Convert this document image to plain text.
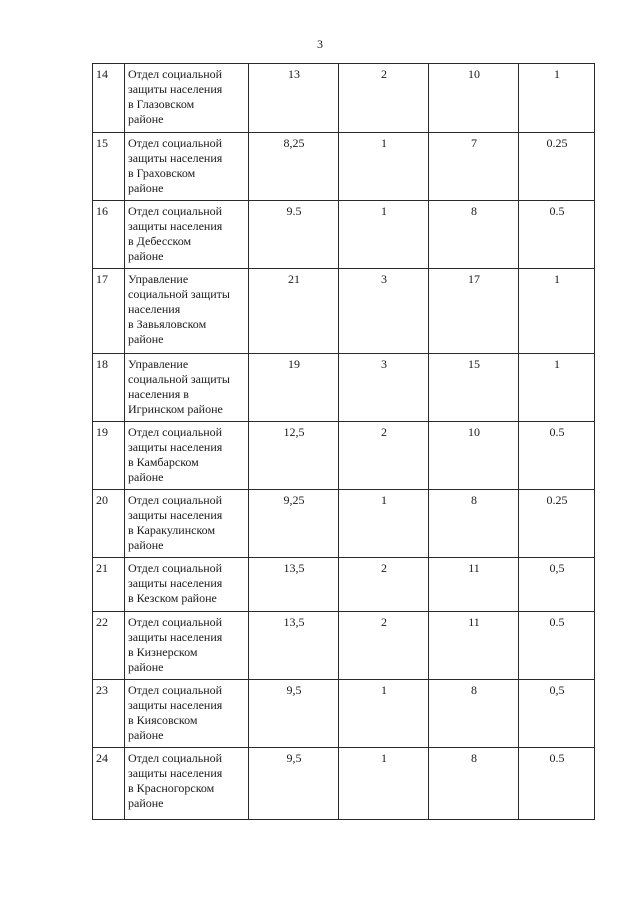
3
14	Отдел социальной
защиты населения
в Глазовском
районе	13	2	10	1
15	Отдел социальной
защиты населения
в Граховском
районе	8,25	1	7	0.25
16	Отдел социальной
защиты населения
в Дебесском
районе	9.5	1	8	0.5
17	Управление
социальной защиты
населения
в Завьяловском
районе	21	3	17	1
18	Управление
социальной защиты
населения в
Игринском районе	19	3	15	1
19	Отдел социальной
защиты населения
в Камбарском
районе	12,5	2	10	0.5
20	Отдел социальной
защиты населения
в Каракулинском
районе	9,25	1	8	0.25
21	Отдел социальной
защиты населения
в Кезском районе	13,5	2	11	0,5
22	Отдел социальной
защиты населения
в Кизнерском
районе	13,5	2	11	0.5
23	Отдел социальной
защиты населения
в Киясовском
районе	9,5	1	8	0,5
24	Отдел социальной
защиты населения
в Красногорском
районе	9,5	1	8	0.5
